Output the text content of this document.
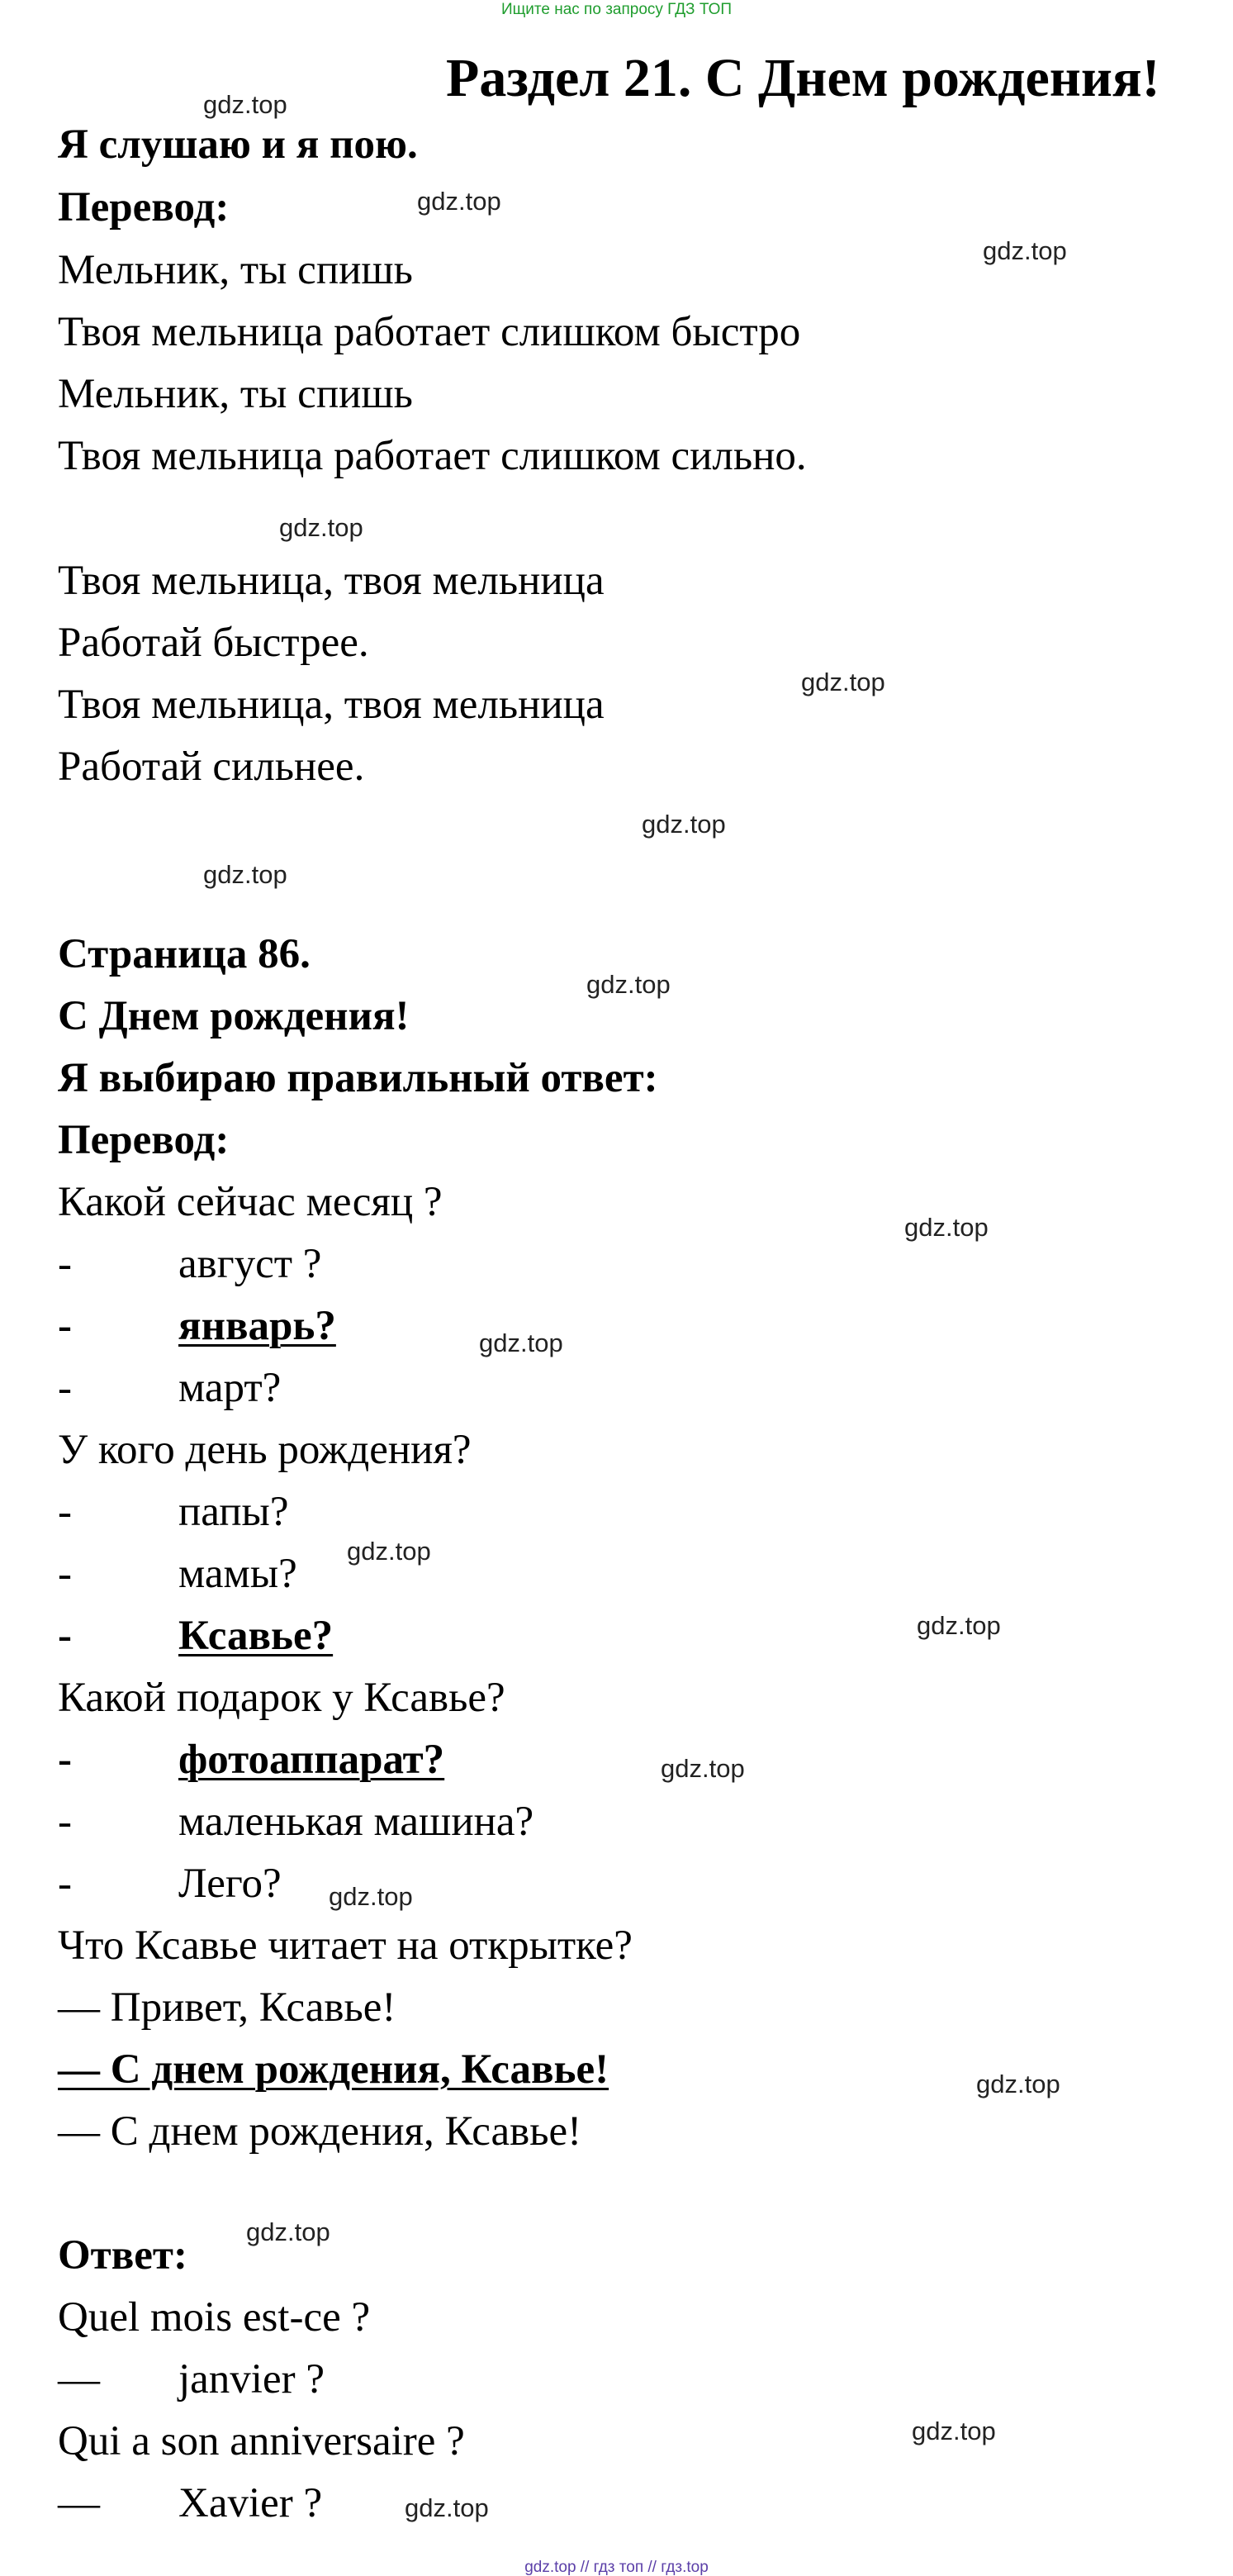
Ищите нас по запросу ГДЗ ТОП
Раздел 21. С Днем рождения!
Я слушаю и я пою.
Перевод:
Мельник, ты спишь
Твоя мельница работает слишком быстро
Мельник, ты спишь
Твоя мельница работает слишком сильно.
Твоя мельница, твоя мельница
Работай быстрее.
Твоя мельница, твоя мельница
Работай сильнее.
Страница 86.
С Днем рождения!
Я выбираю правильный ответ:
Перевод:
Какой сейчас месяц ?
-	август ?
-	январь?
-	март?
У кого день рождения?
-	папы?
-	мамы?
-	Ксавье?
Какой подарок у Ксавье?
-	фотоаппарат?
-	маленькая машина?
-	Лего?
Что Ксавье читает на открытке?
— Привет, Ксавье!
— С днем рождения, Ксавье!
— С днем рождения, Ксавье!
Ответ:
Quel mois est-ce ?
— janvier ?
Qui a son anniversaire ?
— Xavier ?
gdz.top
gdz.top
gdz.top
gdz.top
gdz.top
gdz.top
gdz.top
gdz.top
gdz.top
gdz.top
gdz.top
gdz.top
gdz.top
gdz.top
gdz.top
gdz.top
gdz.top
gdz.top
gdz.top // гдз топ // гдз.top
